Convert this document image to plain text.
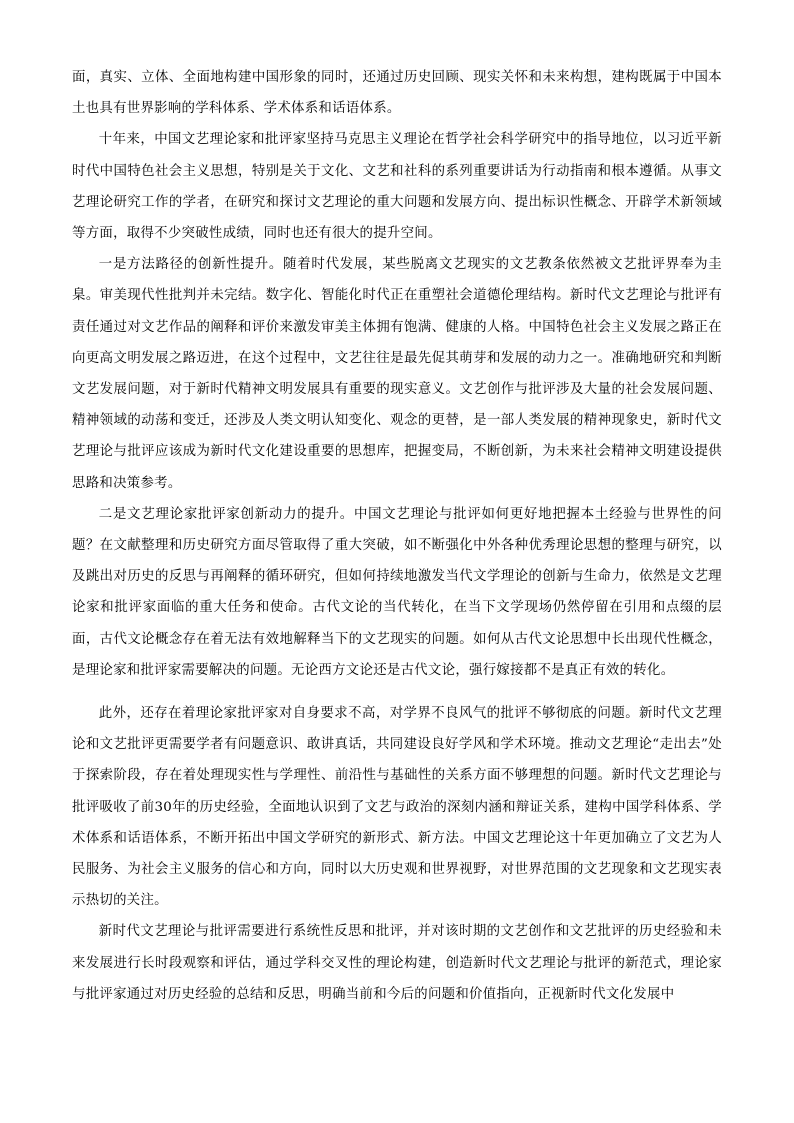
面，真实、立体、全面地构建中国形象的同时，还通过历史回顾、现实关怀和未来构想，建构既属于中国本土也具有世界影响的学科体系、学术体系和话语体系。

十年来，中国文艺理论家和批评家坚持马克思主义理论在哲学社会科学研究中的指导地位，以习近平新时代中国特色社会主义思想，特别是关于文化、文艺和社科的系列重要讲话为行动指南和根本遵循。从事文艺理论研究工作的学者，在研究和探讨文艺理论的重大问题和发展方向、提出标识性概念、开辟学术新领域等方面，取得不少突破性成绩，同时也还有很大的提升空间。

一是方法路径的创新性提升。随着时代发展，某些脱离文艺现实的文艺教条依然被文艺批评界奉为圭臬。审美现代性批判并未完结。数字化、智能化时代正在重塑社会道德伦理结构。新时代文艺理论与批评有责任通过对文艺作品的阐释和评价来激发审美主体拥有饱满、健康的人格。中国特色社会主义发展之路正在向更高文明发展之路迈进，在这个过程中，文艺往往是最先促其萌芽和发展的动力之一。准确地研究和判断文艺发展问题，对于新时代精神文明发展具有重要的现实意义。文艺创作与批评涉及大量的社会发展问题、精神领域的动荡和变迁，还涉及人类文明认知变化、观念的更替，是一部人类发展的精神现象史，新时代文艺理论与批评应该成为新时代文化建设重要的思想库，把握变局，不断创新，为未来社会精神文明建设提供思路和决策参考。

二是文艺理论家批评家创新动力的提升。中国文艺理论与批评如何更好地把握本土经验与世界性的问题？在文献整理和历史研究方面尽管取得了重大突破，如不断强化中外各种优秀理论思想的整理与研究，以及跳出对历史的反思与再阐释的循环研究，但如何持续地激发当代文学理论的创新与生命力，依然是文艺理论家和批评家面临的重大任务和使命。古代文论的当代转化，在当下文学现场仍然停留在引用和点缀的层面，古代文论概念存在着无法有效地解释当下的文艺现实的问题。如何从古代文论思想中长出现代性概念，是理论家和批评家需要解决的问题。无论西方文论还是古代文论，强行嫁接都不是真正有效的转化。

此外，还存在着理论家批评家对自身要求不高，对学界不良风气的批评不够彻底的问题。新时代文艺理论和文艺批评更需要学者有问题意识、敢讲真话，共同建设良好学风和学术环境。推动文艺理论“走出去”处于探索阶段，存在着处理现实性与学理性、前沿性与基础性的关系方面不够理想的问题。新时代文艺理论与批评吸收了前30年的历史经验，全面地认识到了文艺与政治的深刻内涵和辩证关系，建构中国学科体系、学术体系和话语体系，不断开拓出中国文学研究的新形式、新方法。中国文艺理论这十年更加确立了文艺为人民服务、为社会主义服务的信心和方向，同时以大历史观和世界视野，对世界范围的文艺现象和文艺现实表示热切的关注。

新时代文艺理论与批评需要进行系统性反思和批评，并对该时期的文艺创作和文艺批评的历史经验和未来发展进行长时段观察和评估，通过学科交叉性的理论构建，创造新时代文艺理论与批评的新范式，理论家与批评家通过对历史经验的总结和反思，明确当前和今后的问题和价值指向，正视新时代文化发展中
